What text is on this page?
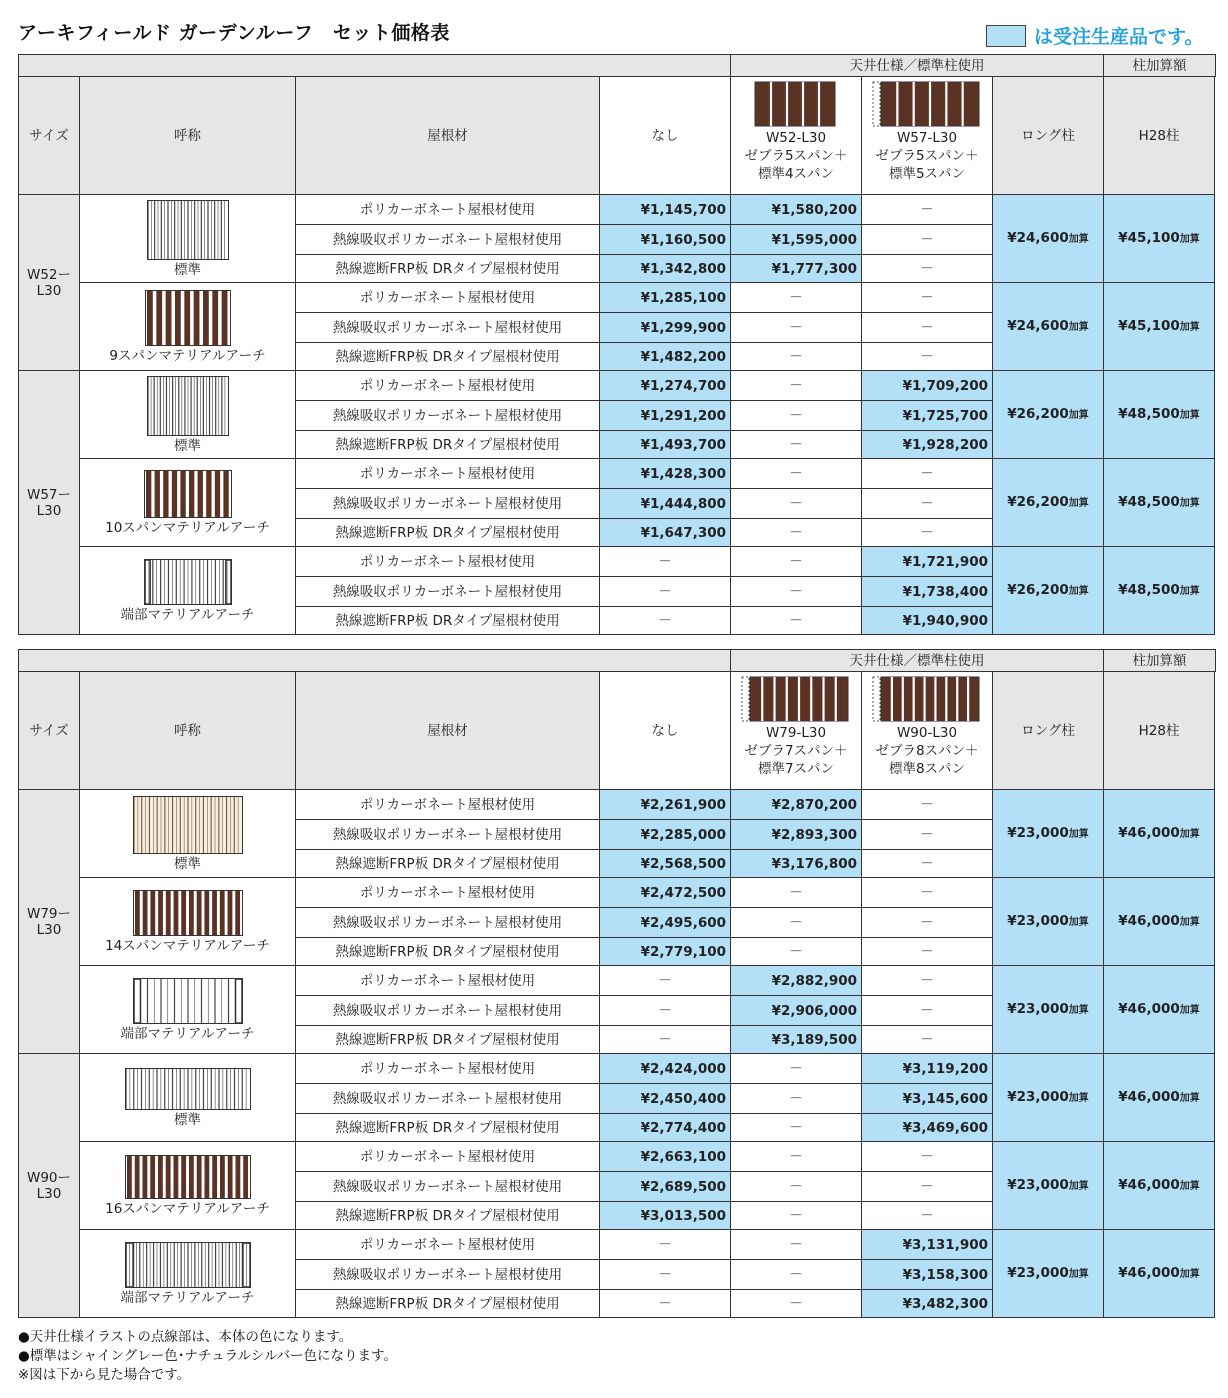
アーキフィールド ガーデンルーフ　セット価格表	は受注生産品です。
				天井仕様／標準柱使用			柱加算額
サイズ	呼称	屋根材	なし	W52-L30
ゼブラ5スパン＋
標準4スパン	W57-L30
ゼブラ5スパン＋
標準5スパン	ロング柱	H28柱

W52ー
L30	標準	ポリカーボネート屋根材使用	¥1,145,700	¥1,580,200	－	¥24,600加算	¥45,100加算
		熱線吸収ポリカーボネート屋根材使用	¥1,160,500	¥1,595,000	－		
		熱線遮断FRP板 DRタイプ屋根材使用	¥1,342,800	¥1,777,300	－		

	9スパンマテリアルアーチ	ポリカーボネート屋根材使用	¥1,285,100	－	－	¥24,600加算	¥45,100加算
		熱線吸収ポリカーボネート屋根材使用	¥1,299,900	－	－		
		熱線遮断FRP板 DRタイプ屋根材使用	¥1,482,200	－	－		

W57ー
L30	標準	ポリカーボネート屋根材使用	¥1,274,700	－	¥1,709,200	¥26,200加算	¥48,500加算
		熱線吸収ポリカーボネート屋根材使用	¥1,291,200	－	¥1,725,700		
		熱線遮断FRP板 DRタイプ屋根材使用	¥1,493,700	－	¥1,928,200		

	10スパンマテリアルアーチ	ポリカーボネート屋根材使用	¥1,428,300	－	－	¥26,200加算	¥48,500加算
		熱線吸収ポリカーボネート屋根材使用	¥1,444,800	－	－		
		熱線遮断FRP板 DRタイプ屋根材使用	¥1,647,300	－	－		

	端部マテリアルアーチ	ポリカーボネート屋根材使用	－	－	¥1,721,900	¥26,200加算	¥48,500加算
		熱線吸収ポリカーボネート屋根材使用	－	－	¥1,738,400		
		熱線遮断FRP板 DRタイプ屋根材使用	－	－	¥1,940,900		
				天井仕様／標準柱使用			柱加算額
サイズ	呼称	屋根材	なし	W79-L30
ゼブラ7スパン＋
標準7スパン	W90-L30
ゼブラ8スパン＋
標準8スパン	ロング柱	H28柱

W79ー
L30	標準	ポリカーボネート屋根材使用	¥2,261,900	¥2,870,200	－	¥23,000加算	¥46,000加算
		熱線吸収ポリカーボネート屋根材使用	¥2,285,000	¥2,893,300	－		
		熱線遮断FRP板 DRタイプ屋根材使用	¥2,568,500	¥3,176,800	－		

	14スパンマテリアルアーチ	ポリカーボネート屋根材使用	¥2,472,500	－	－	¥23,000加算	¥46,000加算
		熱線吸収ポリカーボネート屋根材使用	¥2,495,600	－	－		
		熱線遮断FRP板 DRタイプ屋根材使用	¥2,779,100	－	－		

	端部マテリアルアーチ	ポリカーボネート屋根材使用	－	¥2,882,900	－	¥23,000加算	¥46,000加算
		熱線吸収ポリカーボネート屋根材使用	－	¥2,906,000	－		
		熱線遮断FRP板 DRタイプ屋根材使用	－	¥3,189,500	－		

W90ー
L30	標準	ポリカーボネート屋根材使用	¥2,424,000	－	¥3,119,200	¥23,000加算	¥46,000加算
		熱線吸収ポリカーボネート屋根材使用	¥2,450,400	－	¥3,145,600		
		熱線遮断FRP板 DRタイプ屋根材使用	¥2,774,400	－	¥3,469,600		

	16スパンマテリアルアーチ	ポリカーボネート屋根材使用	¥2,663,100	－	－	¥23,000加算	¥46,000加算
		熱線吸収ポリカーボネート屋根材使用	¥2,689,500	－	－		
		熱線遮断FRP板 DRタイプ屋根材使用	¥3,013,500	－	－		

	端部マテリアルアーチ	ポリカーボネート屋根材使用	－	－	¥3,131,900	¥23,000加算	¥46,000加算
		熱線吸収ポリカーボネート屋根材使用	－	－	¥3,158,300		
		熱線遮断FRP板 DRタイプ屋根材使用	－	－	¥3,482,300		
●天井仕様イラストの点線部は、本体の色になります。
●標準はシャイングレー色･ナチュラルシルバー色になります。
※図は下から見た場合です。
